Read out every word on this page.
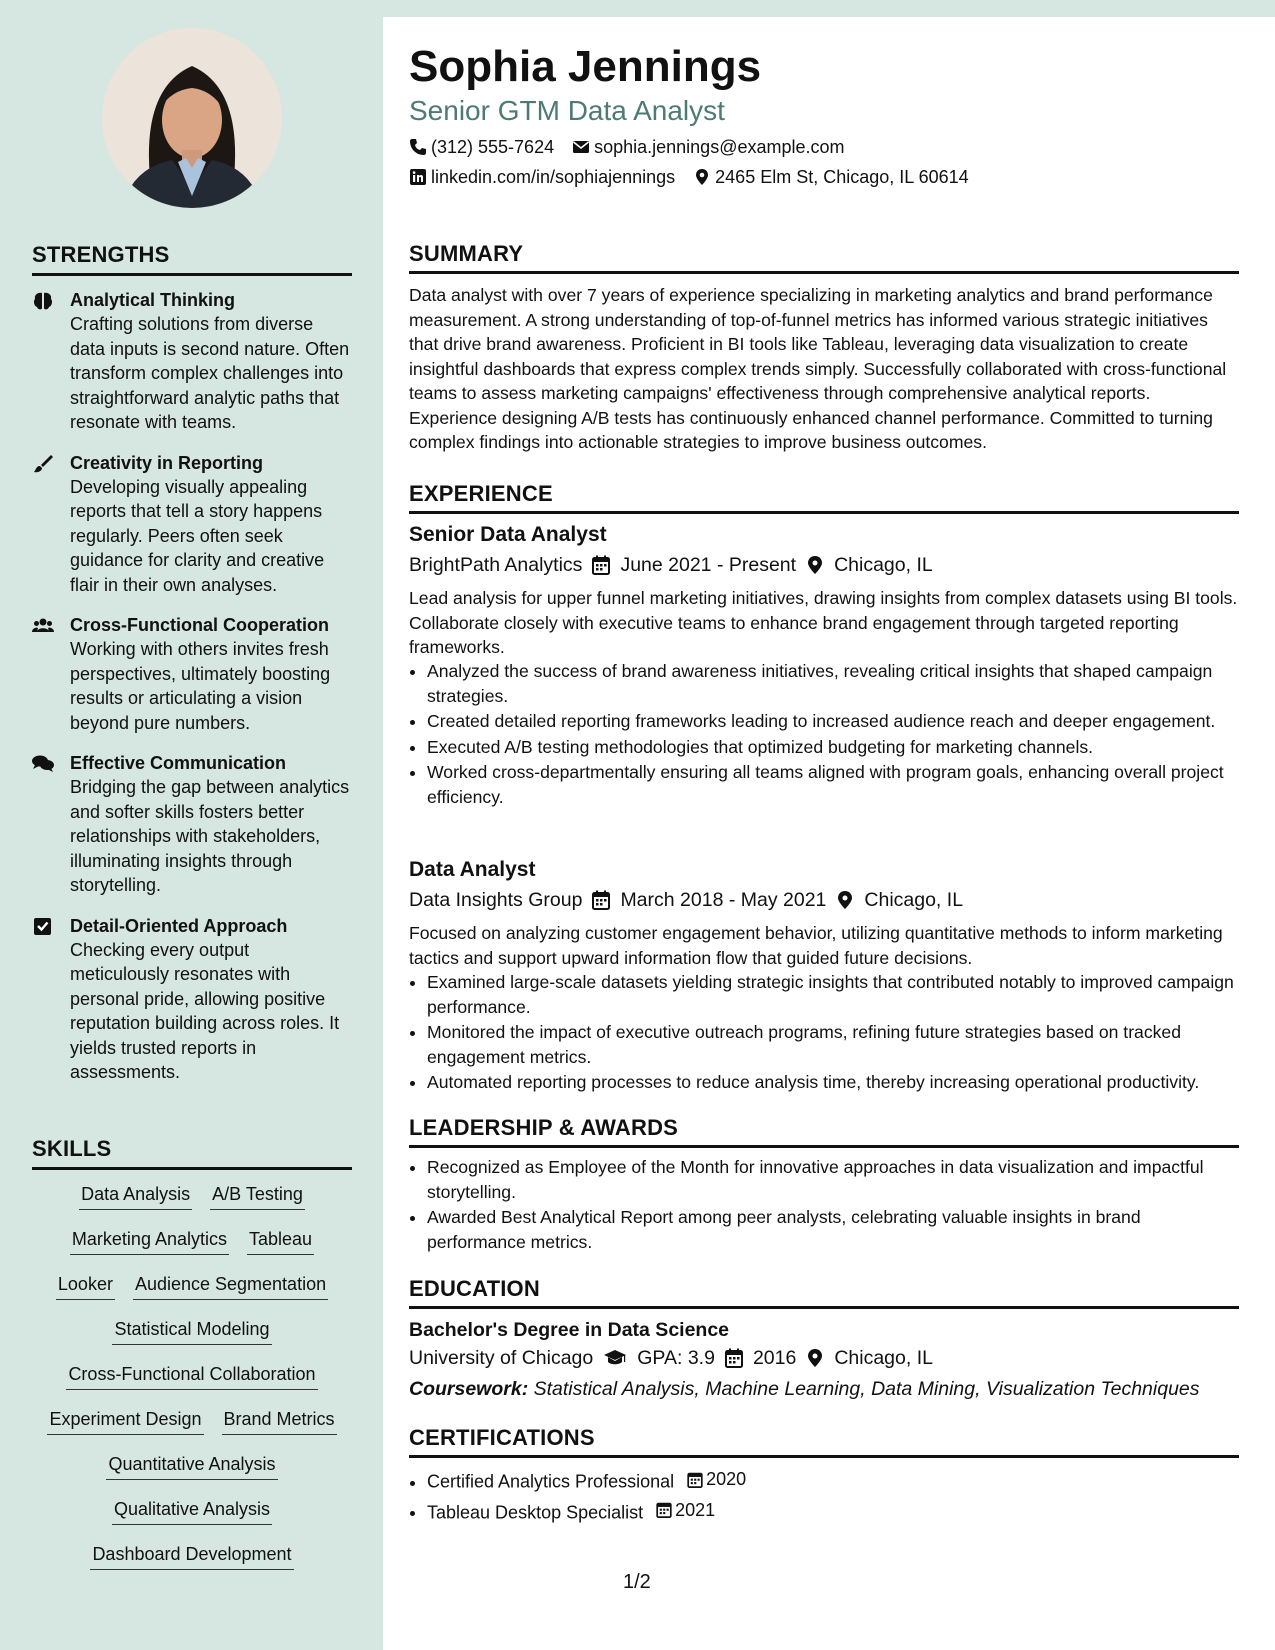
STRENGTHS
Analytical Thinking
Crafting solutions from diverse data inputs is second nature. Often transform complex challenges into straightforward analytic paths that resonate with teams.
Creativity in Reporting
Developing visually appealing reports that tell a story happens regularly. Peers often seek guidance for clarity and creative flair in their own analyses.
Cross-Functional Cooperation
Working with others invites fresh perspectives, ultimately boosting results or articulating a vision beyond pure numbers.
Effective Communication
Bridging the gap between analytics and softer skills fosters better relationships with stakeholders, illuminating insights through storytelling.
Detail-Oriented Approach
Checking every output meticulously resonates with personal pride, allowing positive reputation building across roles. It yields trusted reports in assessments.
SKILLS
Data Analysis A/B Testing
Marketing Analytics Tableau
Looker Audience Segmentation
Statistical Modeling
Cross-Functional Collaboration
Experiment Design Brand Metrics
Quantitative Analysis
Qualitative Analysis
Dashboard Development
Sophia Jennings
Senior GTM Data Analyst
(312) 555-7624 sophia.jennings@example.com
linkedin.com/in/sophiajennings 2465 Elm St, Chicago, IL 60614
SUMMARY
Data analyst with over 7 years of experience specializing in marketing analytics and brand performance measurement. A strong understanding of top-of-funnel metrics has informed various strategic initiatives that drive brand awareness. Proficient in BI tools like Tableau, leveraging data visualization to create insightful dashboards that express complex trends simply. Successfully collaborated with cross-functional teams to assess marketing campaigns' effectiveness through comprehensive analytical reports. Experience designing A/B tests has continuously enhanced channel performance. Committed to turning complex findings into actionable strategies to improve business outcomes.
EXPERIENCE
Senior Data Analyst
BrightPath Analytics June 2021 - Present Chicago, IL
Lead analysis for upper funnel marketing initiatives, drawing insights from complex datasets using BI tools. Collaborate closely with executive teams to enhance brand engagement through targeted reporting frameworks.
• Analyzed the success of brand awareness initiatives, revealing critical insights that shaped campaign strategies.
• Created detailed reporting frameworks leading to increased audience reach and deeper engagement.
• Executed A/B testing methodologies that optimized budgeting for marketing channels.
• Worked cross-departmentally ensuring all teams aligned with program goals, enhancing overall project efficiency.
Data Analyst
Data Insights Group March 2018 - May 2021 Chicago, IL
Focused on analyzing customer engagement behavior, utilizing quantitative methods to inform marketing tactics and support upward information flow that guided future decisions.
• Examined large-scale datasets yielding strategic insights that contributed notably to improved campaign performance.
• Monitored the impact of executive outreach programs, refining future strategies based on tracked engagement metrics.
• Automated reporting processes to reduce analysis time, thereby increasing operational productivity.
LEADERSHIP & AWARDS
• Recognized as Employee of the Month for innovative approaches in data visualization and impactful storytelling.
• Awarded Best Analytical Report among peer analysts, celebrating valuable insights in brand performance metrics.
EDUCATION
Bachelor's Degree in Data Science
University of Chicago GPA: 3.9 2016 Chicago, IL
Coursework: Statistical Analysis, Machine Learning, Data Mining, Visualization Techniques
CERTIFICATIONS
• Certified Analytics Professional 2020
• Tableau Desktop Specialist 2021
1/2
